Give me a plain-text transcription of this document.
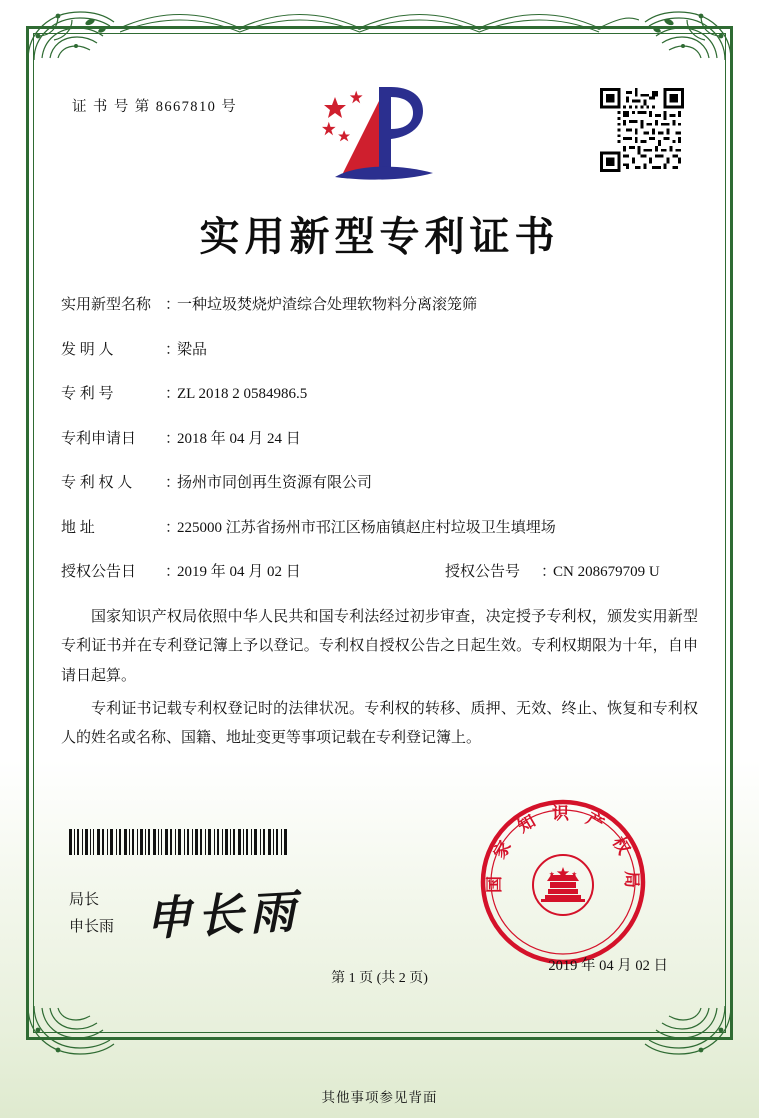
证 书 号 第 8667810 号
实用新型专利证书
实用新型名称 ：
一种垃圾焚烧炉渣综合处理软物料分离滚笼筛
发 明 人	：
梁品
专 利 号	：
ZL 2018 2 0584986.5
专利申请日	：
2018 年 04 月 24 日
专 利 权 人	：
扬州市同创再生资源有限公司
地 址	：
225000 江苏省扬州市邗江区杨庙镇赵庄村垃圾卫生填埋场
授权公告日	：
2019 年 04 月 02 日	授权公告号	：
CN 208679709 U
国家知识产权局依照中华人民共和国专利法经过初步审查，决定授予专利权，颁发实用新型专利证书并在专利登记簿上予以登记。专利权自授权公告之日起生效。专利权期限为十年，自申请日起算。
专利证书记载专利权登记时的法律状况。专利权的转移、质押、无效、终止、恢复和专利权人的姓名或名称、国籍、地址变更等事项记载在专利登记簿上。
局长
申长雨 申长雨
国 家 知 识 产 权 局
2019 年 04 月 02 日
第 1 页 (共 2 页)
其他事项参见背面
